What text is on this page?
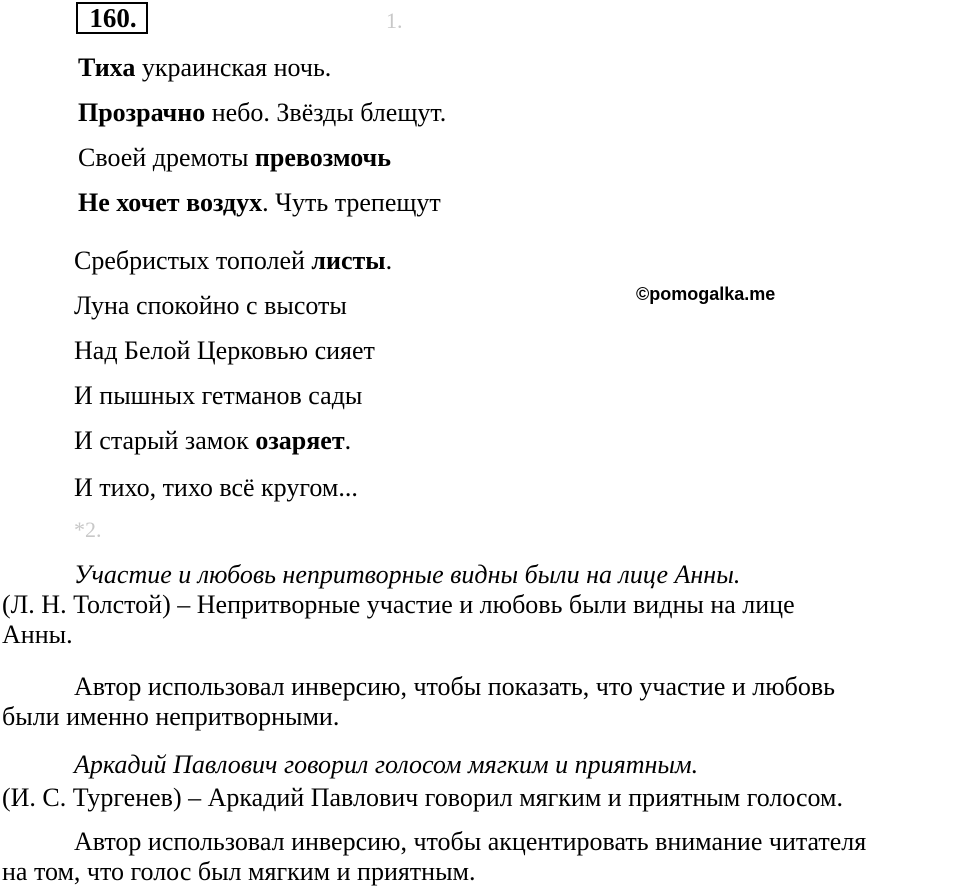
160.	1.
Тиха украинская ночь.
Прозрачно небо. Звёзды блещут.
Своей дремоты превозмочь
Не хочет воздух. Чуть трепещут
Сребристых тополей листы.
Луна спокойно с высоты
Над Белой Церковью сияет
И пышных гетманов сады
И старый замок озаряет.
И тихо, тихо всё кругом...
©pomogalka.me
*2.
Участие и любовь непритворные видны были на лице Анны.
(Л. Н. Толстой) – Непритворные участие и любовь были видны на лице
Анны.
Автор использовал инверсию, чтобы показать, что участие и любовь
были именно непритворными.
Аркадий Павлович говорил голосом мягким и приятным.
(И. С. Тургенев) – Аркадий Павлович говорил мягким и приятным голосом.
Автор использовал инверсию, чтобы акцентировать внимание читателя
на том, что голос был мягким и приятным.
